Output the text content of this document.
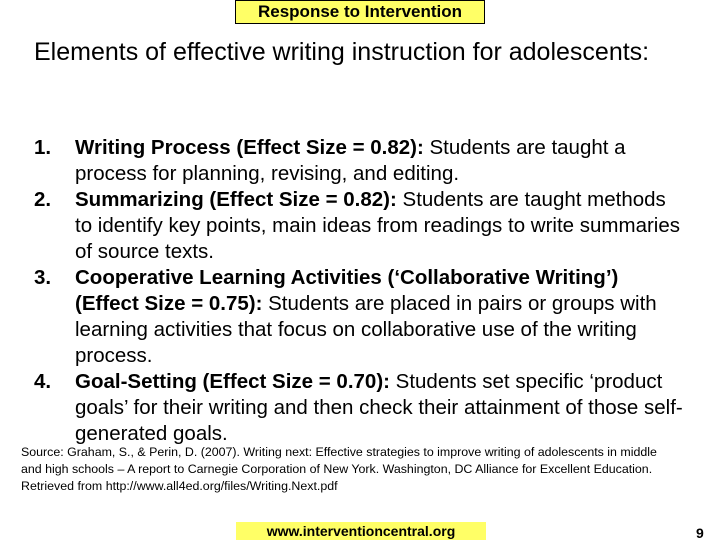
Response to Intervention
Elements of effective writing instruction for adolescents:
1. Writing Process (Effect Size = 0.82): Students are taught a process for planning, revising, and editing.
2. Summarizing (Effect Size = 0.82): Students are taught methods to identify key points, main ideas from readings to write summaries of source texts.
3. Cooperative Learning Activities (‘Collaborative Writing’) (Effect Size = 0.75): Students are placed in pairs or groups with learning activities that focus on collaborative use of the writing process.
4. Goal-Setting (Effect Size = 0.70): Students set specific ‘product goals’ for their writing and then check their attainment of those self-generated goals.
Source: Graham, S., & Perin, D. (2007). Writing next: Effective strategies to improve writing of adolescents in middle and high schools – A report to Carnegie Corporation of New York. Washington, DC Alliance for Excellent Education. Retrieved from http://www.all4ed.org/files/Writing.Next.pdf
www.interventioncentral.org	9
